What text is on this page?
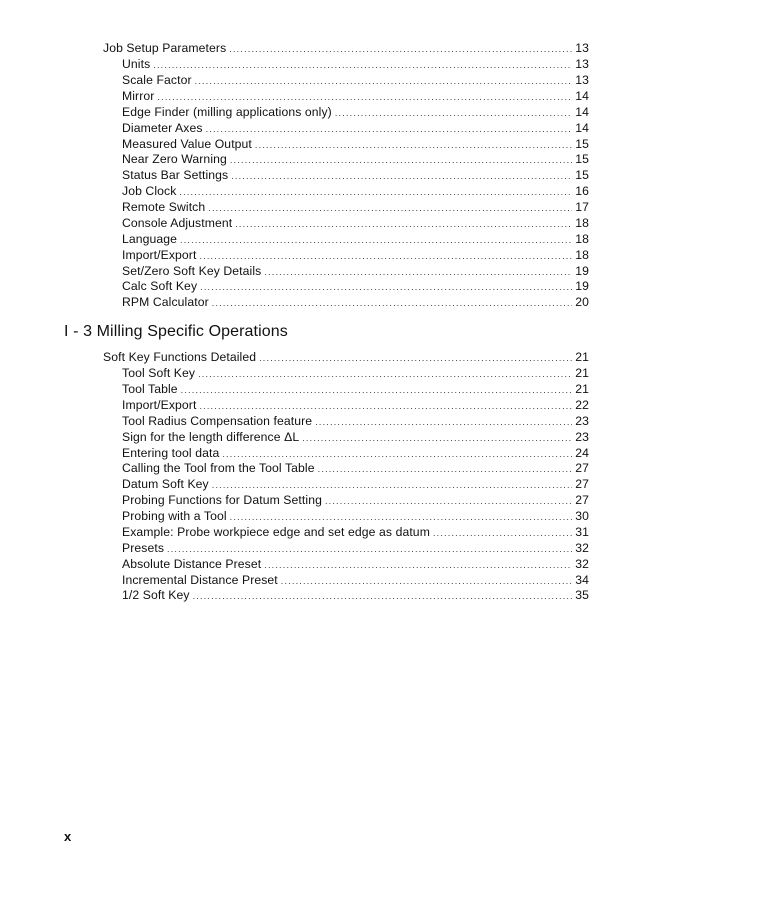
Job Setup Parameters .....	13
Units .....	13
Scale Factor .....	13
Mirror .....	14
Edge Finder (milling applications only) .....	14
Diameter Axes .....	14
Measured Value Output .....	15
Near Zero Warning .....	15
Status Bar Settings .....	15
Job Clock .....	16
Remote Switch .....	17
Console Adjustment .....	18
Language .....	18
Import/Export .....	18
Set/Zero Soft Key Details .....	19
Calc Soft Key .....	19
RPM Calculator .....	20
I - 3 Milling Specific Operations
Soft Key Functions Detailed .....	21
Tool Soft Key .....	21
Tool Table .....	21
Import/Export .....	22
Tool Radius Compensation feature .....	23
Sign for the length difference ΔL .....	23
Entering tool data .....	24
Calling the Tool from the Tool Table .....	27
Datum Soft Key .....	27
Probing Functions for Datum Setting .....	27
Probing with a Tool .....	30
Example: Probe workpiece edge and set edge as datum .....	31
Presets .....	32
Absolute Distance Preset .....	32
Incremental Distance Preset .....	34
1/2 Soft Key .....	35
x
